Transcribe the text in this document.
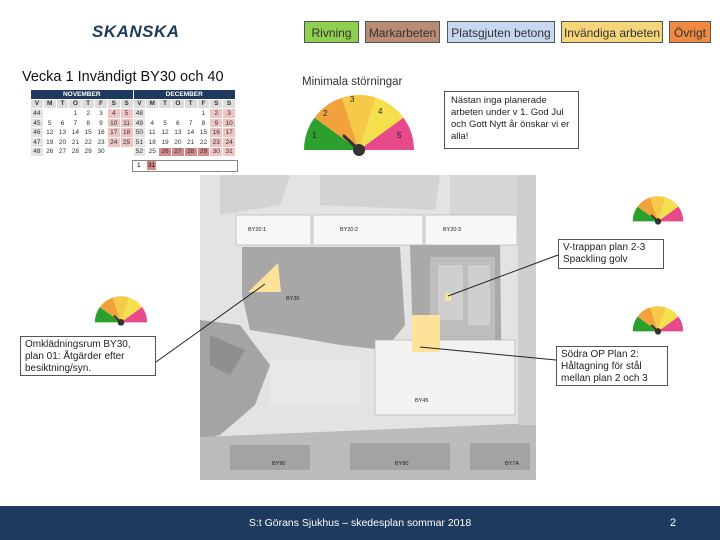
SKANSKA	Rivning	Markarbeten	Platsgjuten betong	Invändiga arbeten	Övrigt
Vecka 1 Invändigt BY30 och 40
NOVEMBER								DECEMBER							
V	M	T	O	T	F	S	S	V	M	T	O	T	F	S	S
44			1	2	3	4	5	48					1	2	3
45	5	6	7	8	9	10	11	49	4	5	6	7	8	9	10
46	12	13	14	15	16	17	18	50	11	12	13	14	15	16	17
47	19	20	21	22	23	24	25	51	18	19	20	21	22	23	24
48	26	27	28	29	30			52	25	26	27	28	29	30	31
1 31
Minimala störningar
1
2
3
4
5
Nästan inga planerade arbeten under v 1. God Jul och Gott Nytt år önskar vi er alla!
BY20:1	BY20:2	BY20:3
BY30
BY45
BY90	BY80	BY7A
V-trappan plan 2-3 Spackling golv
Omklädningsrum BY30, plan 01: Åtgärder efter besiktning/syn.
Södra OP Plan 2: Håltagning för stål mellan plan 2 och 3
S:t Görans Sjukhus – skedesplan sommar 2018	2
